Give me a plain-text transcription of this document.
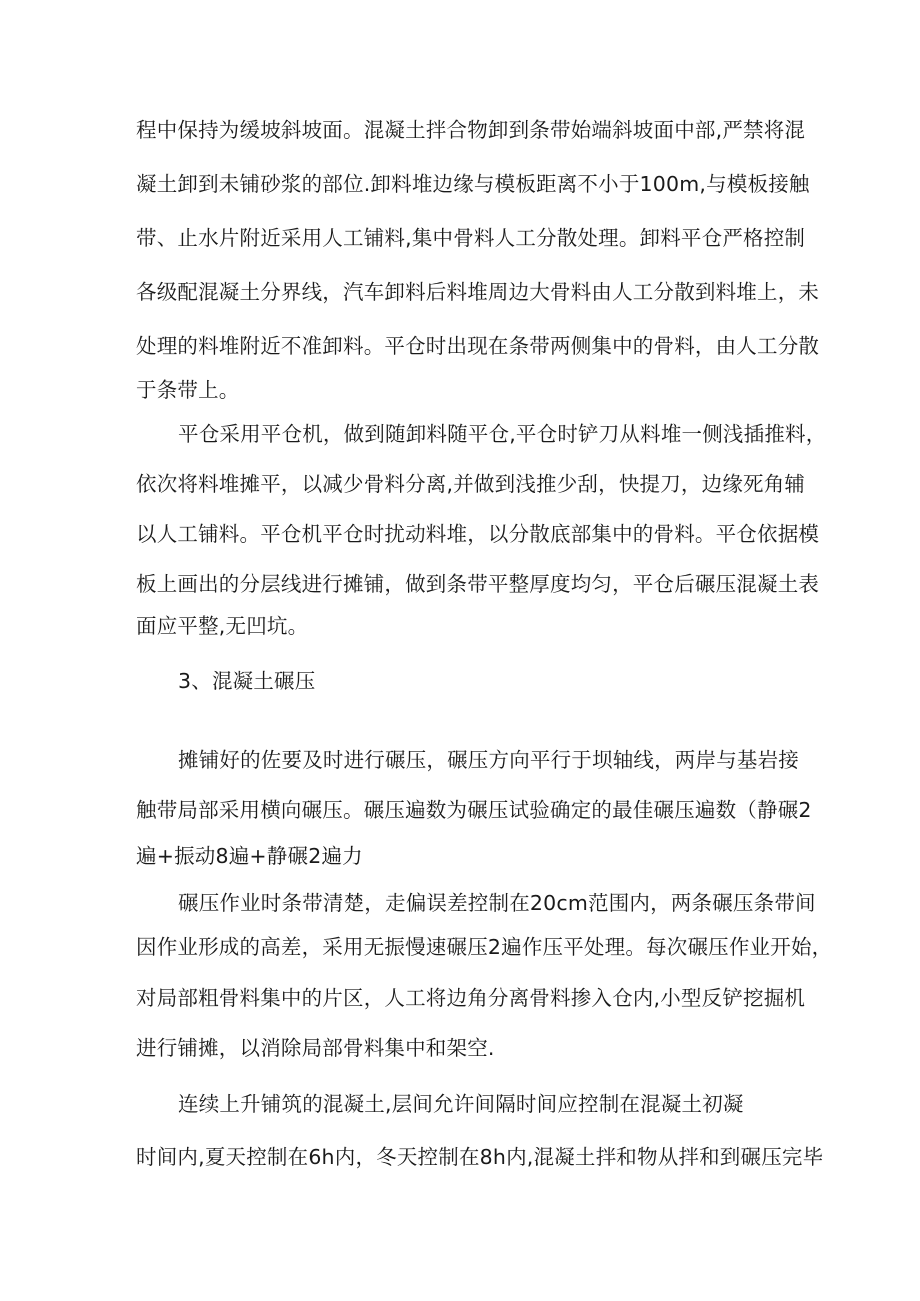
程中保持为缓坡斜坡面。混凝土拌合物卸到条带始端斜坡面中部,严禁将混
凝土卸到未铺砂浆的部位.卸料堆边缘与模板距离不小于100m,与模板接触
带、止水片附近采用人工铺料,集中骨料人工分散处理。卸料平仓严格控制
各级配混凝土分界线，汽车卸料后料堆周边大骨料由人工分散到料堆上，未
处理的料堆附近不准卸料。平仓时出现在条带两侧集中的骨料，由人工分散
于条带上。
平仓采用平仓机，做到随卸料随平仓,平仓时铲刀从料堆一侧浅插推料，
依次将料堆摊平，以减少骨料分离,并做到浅推少刮，快提刀，边缘死角辅
以人工铺料。平仓机平仓时扰动料堆，以分散底部集中的骨料。平仓依据模
板上画出的分层线进行摊铺，做到条带平整厚度均匀，平仓后碾压混凝土表
面应平整,无凹坑。
3、混凝土碾压
摊铺好的佐要及时进行碾压，碾压方向平行于坝轴线，两岸与基岩接
触带局部采用横向碾压。碾压遍数为碾压试验确定的最佳碾压遍数（静碾2
遍+振动8遍+静碾2遍力
碾压作业时条带清楚，走偏误差控制在20cm范围内，两条碾压条带间
因作业形成的高差，采用无振慢速碾压2遍作压平处理。每次碾压作业开始，
对局部粗骨料集中的片区，人工将边角分离骨料掺入仓内,小型反铲挖掘机
进行铺摊，以消除局部骨料集中和架空.
连续上升铺筑的混凝土,层间允许间隔时间应控制在混凝土初凝
时间内,夏天控制在6h内，冬天控制在8h内,混凝土拌和物从拌和到碾压完毕
